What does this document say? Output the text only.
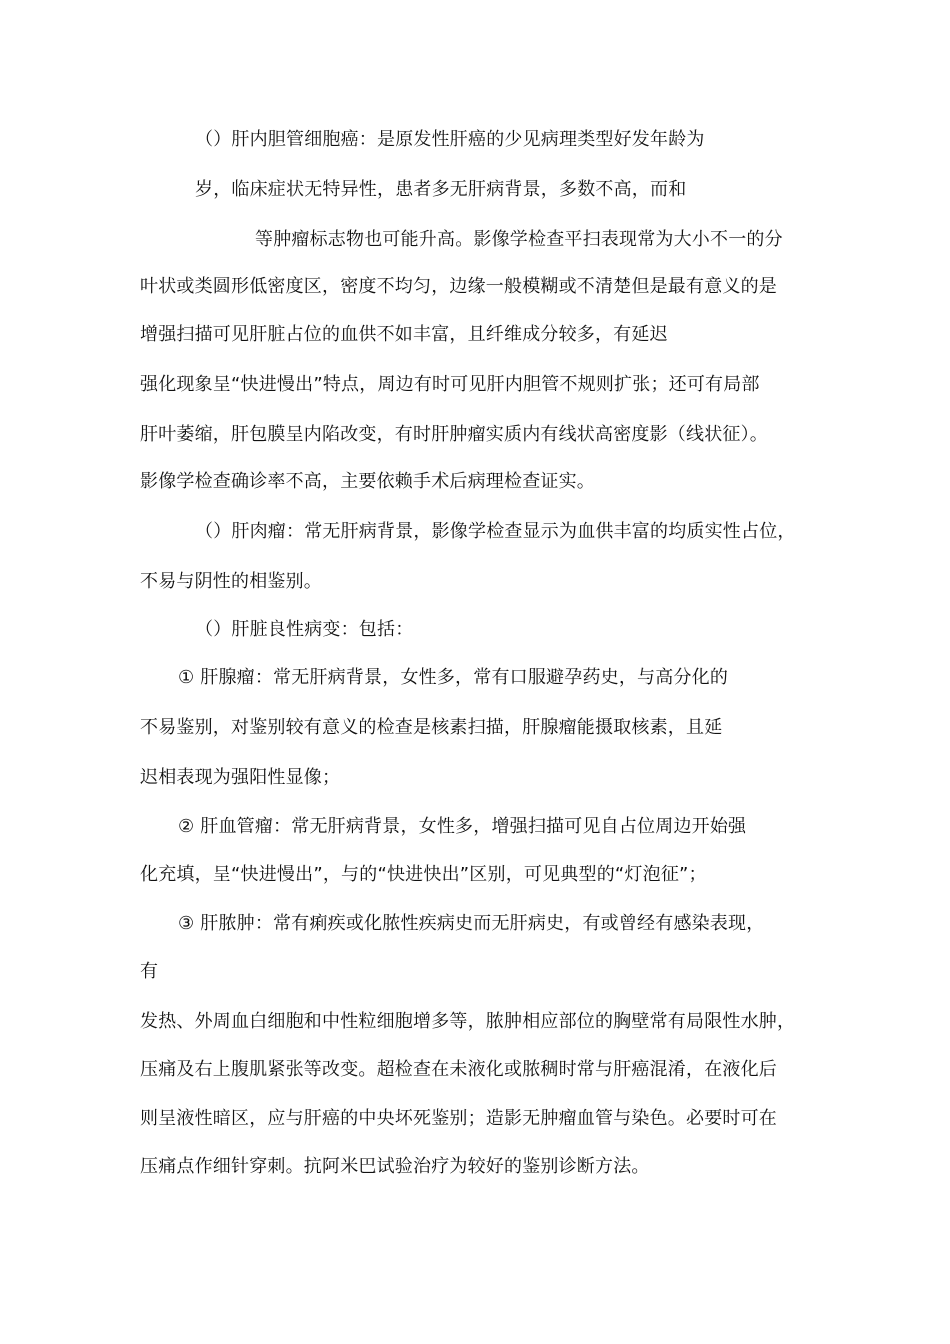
（）肝内胆管细胞癌：是原发性肝癌的少见病理类型好发年龄为
岁，临床症状无特异性，患者多无肝病背景，多数不高，而和
等肿瘤标志物也可能升高。影像学检查平扫表现常为大小不一的分
叶状或类圆形低密度区，密度不均匀，边缘一般模糊或不清楚但是最有意义的是
增强扫描可见肝脏占位的血供不如丰富，且纤维成分较多，有延迟
强化现象呈“快进慢出”特点，周边有时可见肝内胆管不规则扩张；还可有局部
肝叶萎缩，肝包膜呈内陷改变，有时肝肿瘤实质内有线状高密度影（线状征）。
影像学检查确诊率不高，主要依赖手术后病理检查证实。
（）肝肉瘤：常无肝病背景，影像学检查显示为血供丰富的均质实性占位，
不易与阴性的相鉴别。
（）肝脏良性病变：包括：
① 肝腺瘤：常无肝病背景，女性多，常有口服避孕药史，与高分化的
不易鉴别，对鉴别较有意义的检查是核素扫描，肝腺瘤能摄取核素，且延
迟相表现为强阳性显像；
② 肝血管瘤：常无肝病背景，女性多，增强扫描可见自占位周边开始强
化充填，呈“快进慢出”，与的“快进快出”区别，可见典型的“灯泡征”；
③ 肝脓肿：常有痢疾或化脓性疾病史而无肝病史，有或曾经有感染表现，
有
发热、外周血白细胞和中性粒细胞增多等，脓肿相应部位的胸壁常有局限性水肿，
压痛及右上腹肌紧张等改变。超检查在未液化或脓稠时常与肝癌混淆，在液化后
则呈液性暗区，应与肝癌的中央坏死鉴别；造影无肿瘤血管与染色。必要时可在
压痛点作细针穿刺。抗阿米巴试验治疗为较好的鉴别诊断方法。
